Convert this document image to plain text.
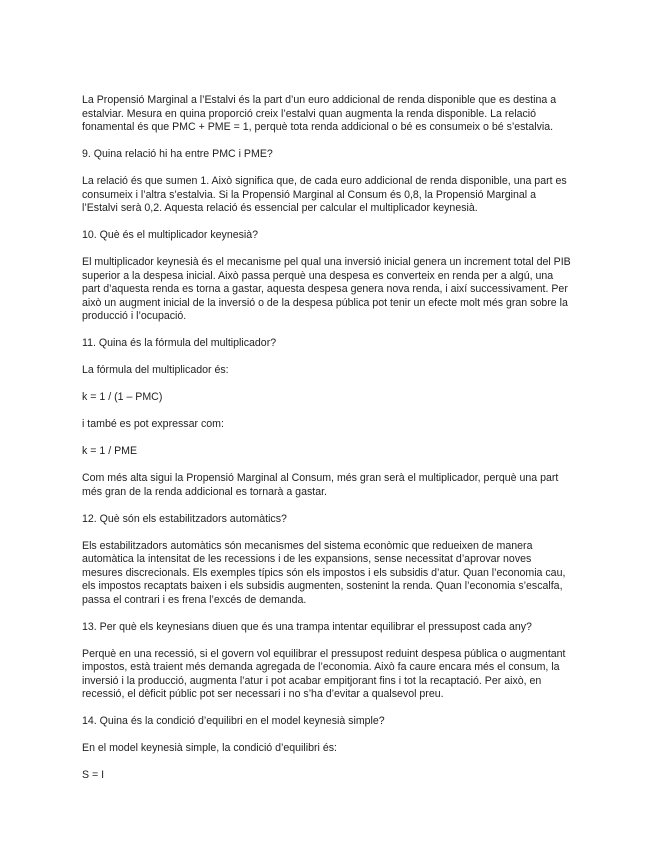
La Propensió Marginal a l’Estalvi és la part d’un euro addicional de renda disponible que es destina a estalviar. Mesura en quina proporció creix l’estalvi quan augmenta la renda disponible. La relació fonamental és que PMC + PME = 1, perquè tota renda addicional o bé es consumeix o bé s’estalvia.

9. Quina relació hi ha entre PMC i PME?

La relació és que sumen 1. Això significa que, de cada euro addicional de renda disponible, una part es consumeix i l’altra s’estalvia. Si la Propensió Marginal al Consum és 0,8, la Propensió Marginal a l’Estalvi serà 0,2. Aquesta relació és essencial per calcular el multiplicador keynesià.

10. Què és el multiplicador keynesià?

El multiplicador keynesià és el mecanisme pel qual una inversió inicial genera un increment total del PIB superior a la despesa inicial. Això passa perquè una despesa es converteix en renda per a algú, una part d’aquesta renda es torna a gastar, aquesta despesa genera nova renda, i així successivament. Per això un augment inicial de la inversió o de la despesa pública pot tenir un efecte molt més gran sobre la producció i l’ocupació.

11. Quina és la fórmula del multiplicador?

La fórmula del multiplicador és:

k = 1 / (1 – PMC)

i també es pot expressar com:

k = 1 / PME

Com més alta sigui la Propensió Marginal al Consum, més gran serà el multiplicador, perquè una part més gran de la renda addicional es tornarà a gastar.

12. Què són els estabilitzadors automàtics?

Els estabilitzadors automàtics són mecanismes del sistema econòmic que redueixen de manera automàtica la intensitat de les recessions i de les expansions, sense necessitat d’aprovar noves mesures discrecionals. Els exemples típics són els impostos i els subsidis d’atur. Quan l’economia cau, els impostos recaptats baixen i els subsidis augmenten, sostenint la renda. Quan l’economia s’escalfa, passa el contrari i es frena l’excés de demanda.

13. Per què els keynesians diuen que és una trampa intentar equilibrar el pressupost cada any?

Perquè en una recessió, si el govern vol equilibrar el pressupost reduint despesa pública o augmentant impostos, està traient més demanda agregada de l’economia. Això fa caure encara més el consum, la inversió i la producció, augmenta l’atur i pot acabar empitjorant fins i tot la recaptació. Per això, en recessió, el dèficit públic pot ser necessari i no s’ha d’evitar a qualsevol preu.

14. Quina és la condició d’equilibri en el model keynesià simple?

En el model keynesià simple, la condició d’equilibri és:

S = I
